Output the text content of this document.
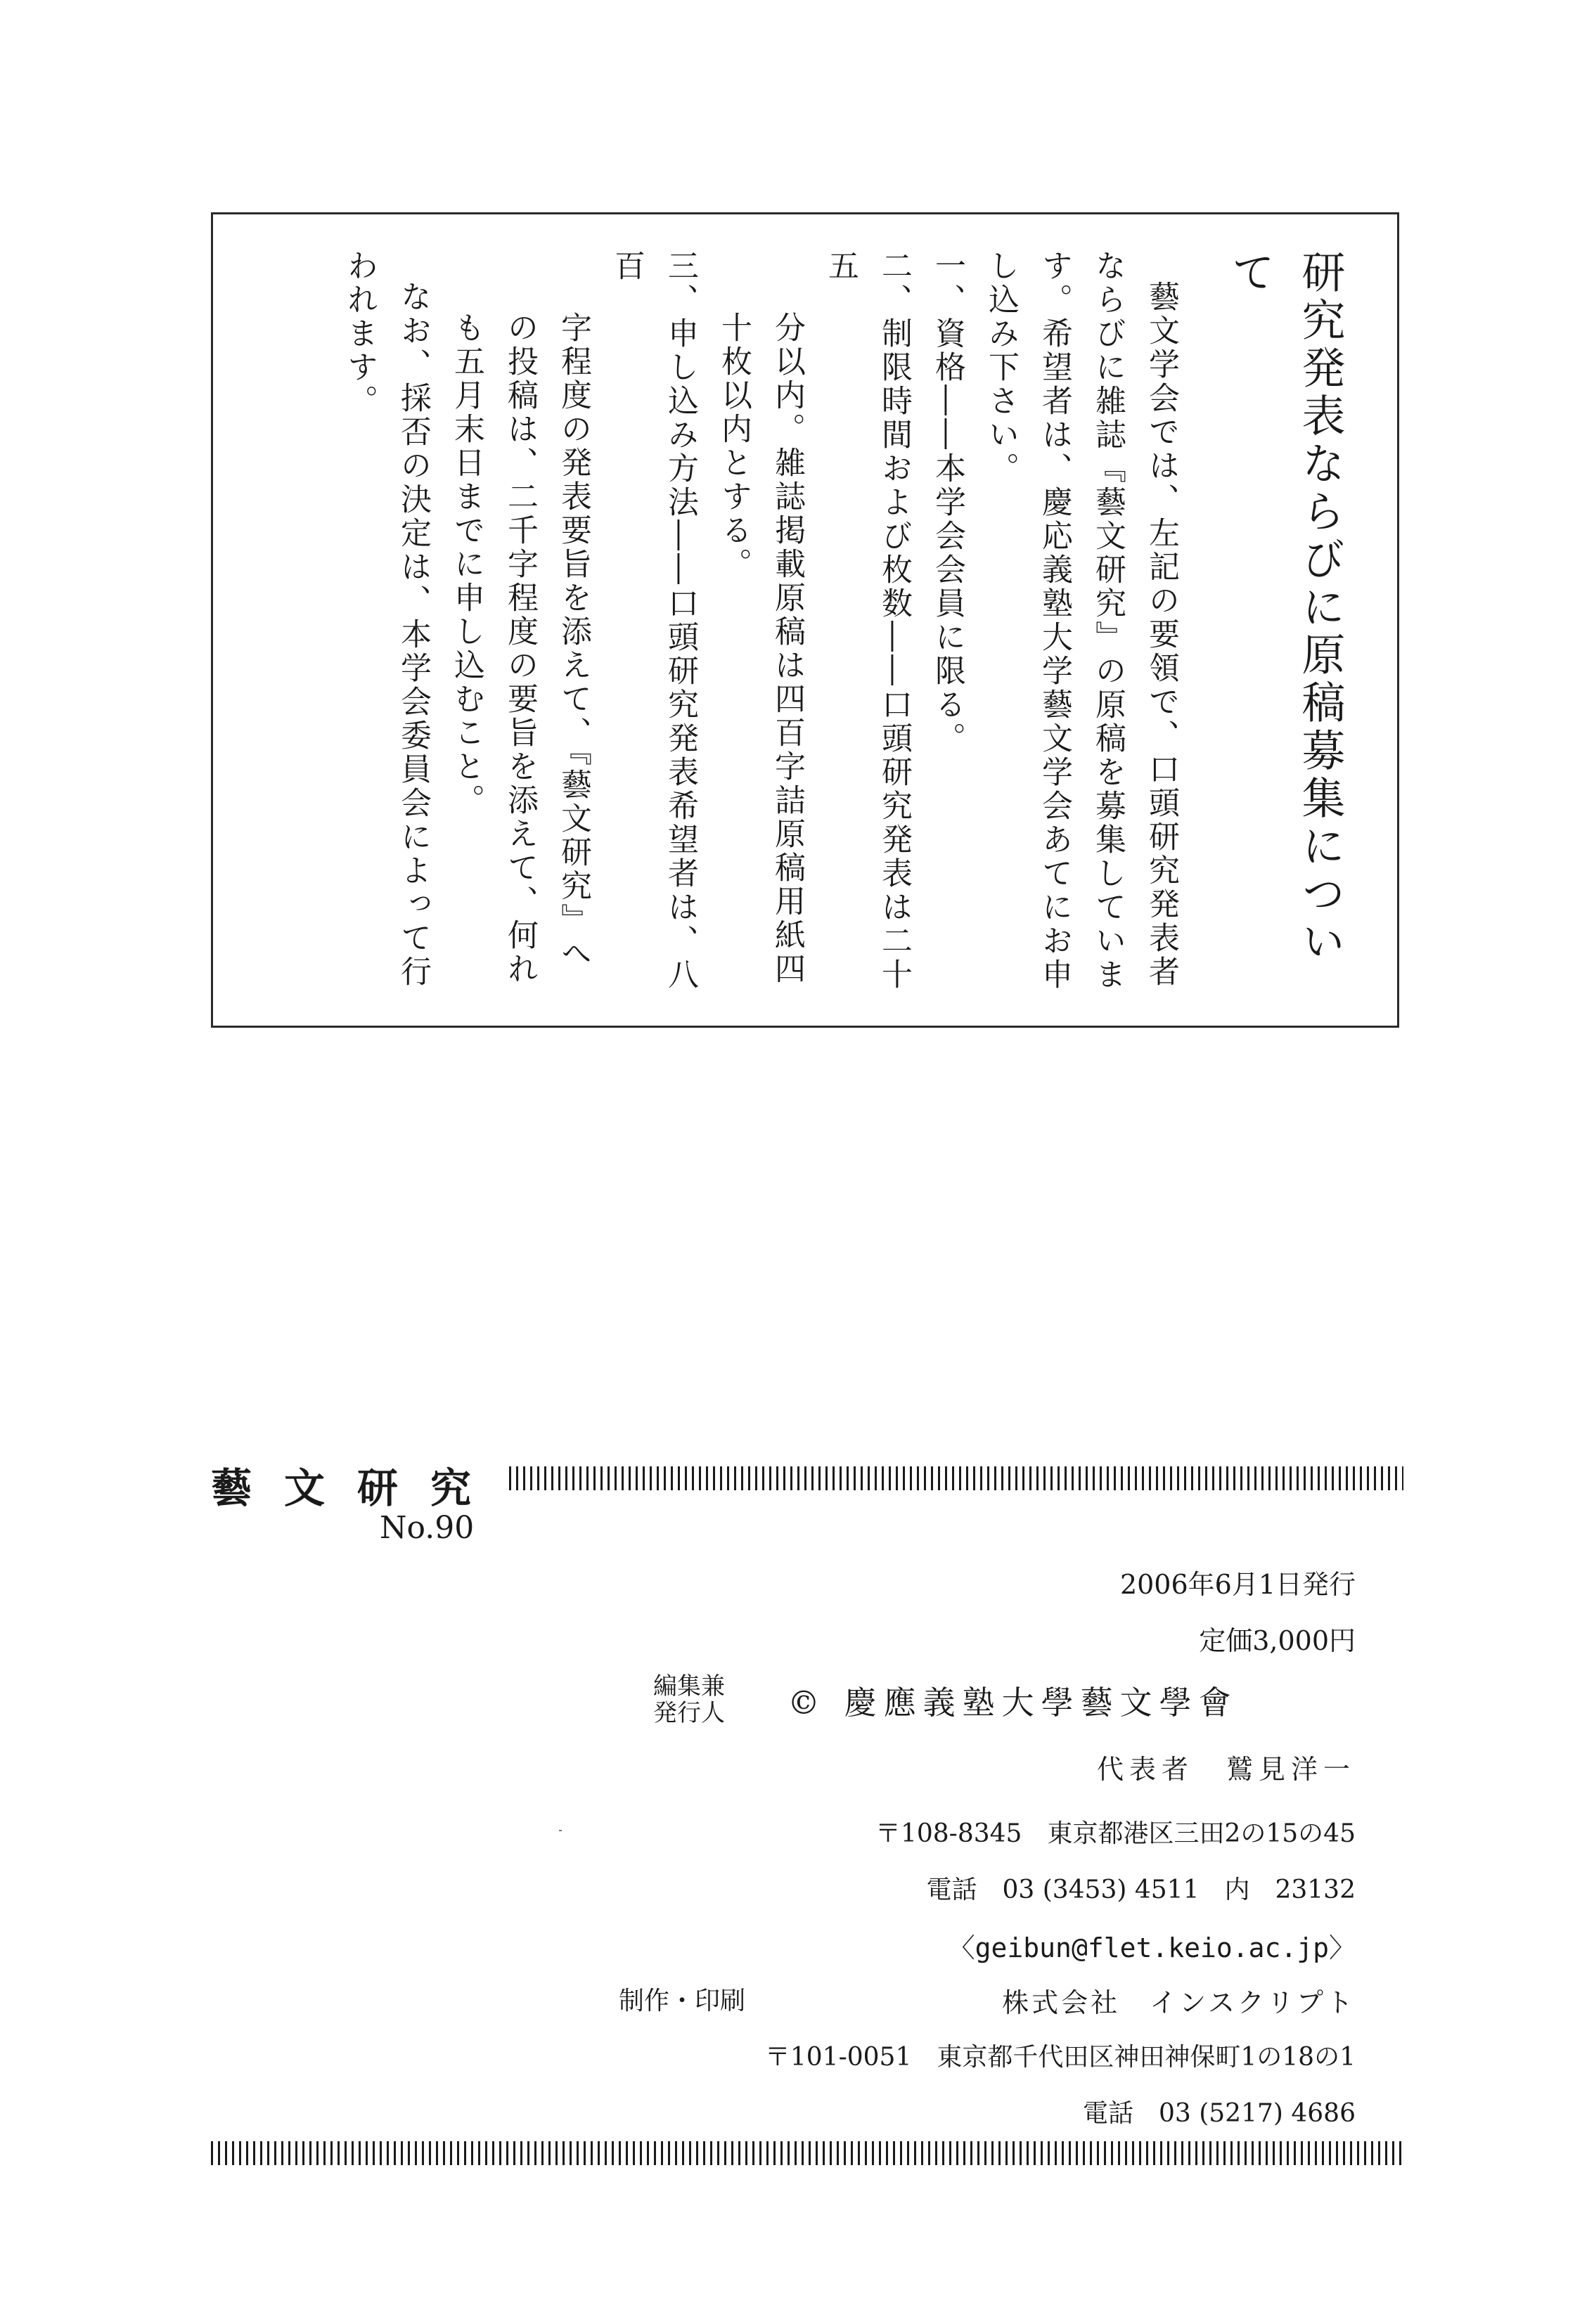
研究発表ならびに原稿募集について

藝文学会では、左記の要領で、口頭研究発表者ならびに雑誌『藝文研究』の原稿を募集しています。希望者は、慶応義塾大学藝文学会あてにお申し込み下さい。

一、資格――本学会会員に限る。
二、制限時間および枚数――口頭研究発表は二十五
分以内。雑誌掲載原稿は四百字詰原稿用紙四十枚以内とする。
三、申し込み方法――口頭研究発表希望者は、八百
字程度の発表要旨を添えて、『藝文研究』への投稿は、二千字程度の要旨を添えて、何れも五月末日までに申し込むこと。

なお、採否の決定は、本学会委員会によって行われます。

藝文研究
No.90
2006年6月1日発行
定価3,000円
編集兼
発行人	© 慶應義塾大學藝文學會
代表者　鷲見洋一
〒108-8345　東京都港区三田2の15の45
電話　03 (3453) 4511　内　23132
〈geibun@flet.keio.ac.jp〉
制作・印刷	株式会社　インスクリプト
〒101-0051　東京都千代田区神田神保町1の18の1
電話　03 (5217) 4686
